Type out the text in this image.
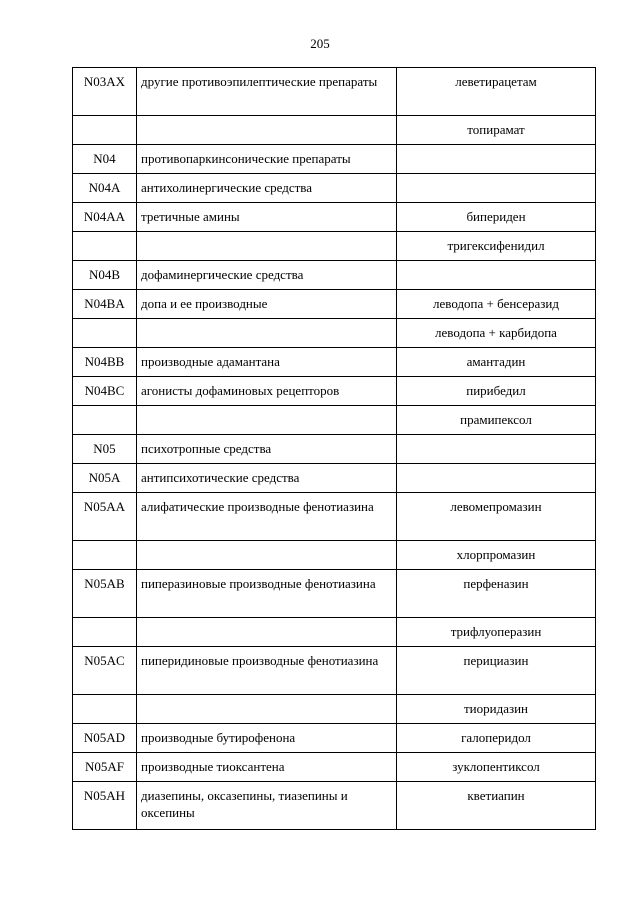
205
N03AX	другие противоэпилептические препараты	леветирацетам
		топирамат
N04	противопаркинсонические препараты	
N04A	антихолинергические средства	
N04AA	третичные амины	бипериден
		тригексифенидил
N04B	дофаминергические средства	
N04BA	допа и ее производные	леводопа + бенсеразид
		леводопа + карбидопа
N04BB	производные адамантана	амантадин
N04BC	агонисты дофаминовых рецепторов	пирибедил
		прамипексол
N05	психотропные средства	
N05A	антипсихотические средства	
N05AA	алифатические производные фенотиазина	левомепромазин
		хлорпромазин
N05AB	пиперазиновые производные фенотиазина	перфеназин
		трифлуоперазин
N05AC	пиперидиновые производные фенотиазина	перициазин
		тиоридазин
N05AD	производные бутирофенона	галоперидол
N05AF	производные тиоксантена	зуклопентиксол
N05AH	диазепины, оксазепины, тиазепины и оксепины	кветиапин
